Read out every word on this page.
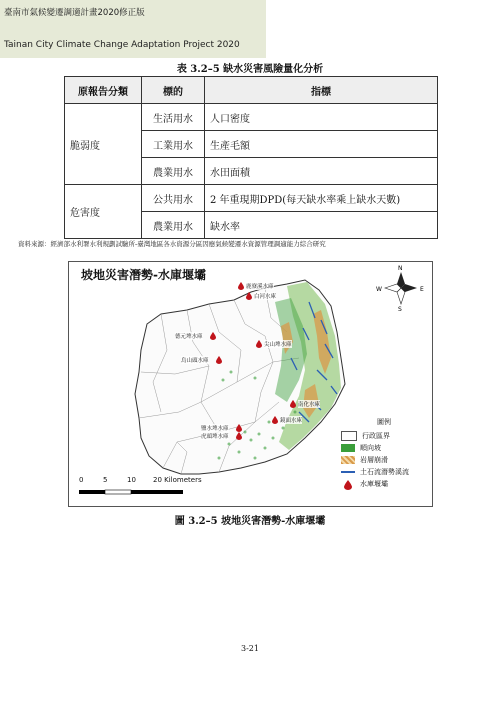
臺南市氣候變遷調適計畫2020修正版
Tainan City Climate Change Adaptation Project 2020
表 3.2–5 缺水災害風險量化分析
原報告分類	標的	指標
脆弱度	生活用水	人口密度
	工業用水	生產毛額
	農業用水	水田面積
危害度	公共用水	2 年重現期DPD(每天缺水率乘上缺水天數)
	農業用水	缺水率
資料來源：經濟部水利署水利規劃試驗所-臺灣地區各水資源分區因應氣候變遷水資源管理調適能力綜合研究
坡地災害潛勢-水庫堰壩	N
S
E
W
鹿寮溪水庫
白河水庫
德元埤水庫
尖山埤水庫
烏山頭水庫
南化水庫
鏡面水庫
鹽水埤水庫
虎頭埤水庫
0	5	10 20 Kilometers
圖例
行政區界
順向坡
岩層崩滑
土石流潛勢溪流
水庫堰壩
圖 3.2–5 坡地災害潛勢-水庫堰壩
3-21
